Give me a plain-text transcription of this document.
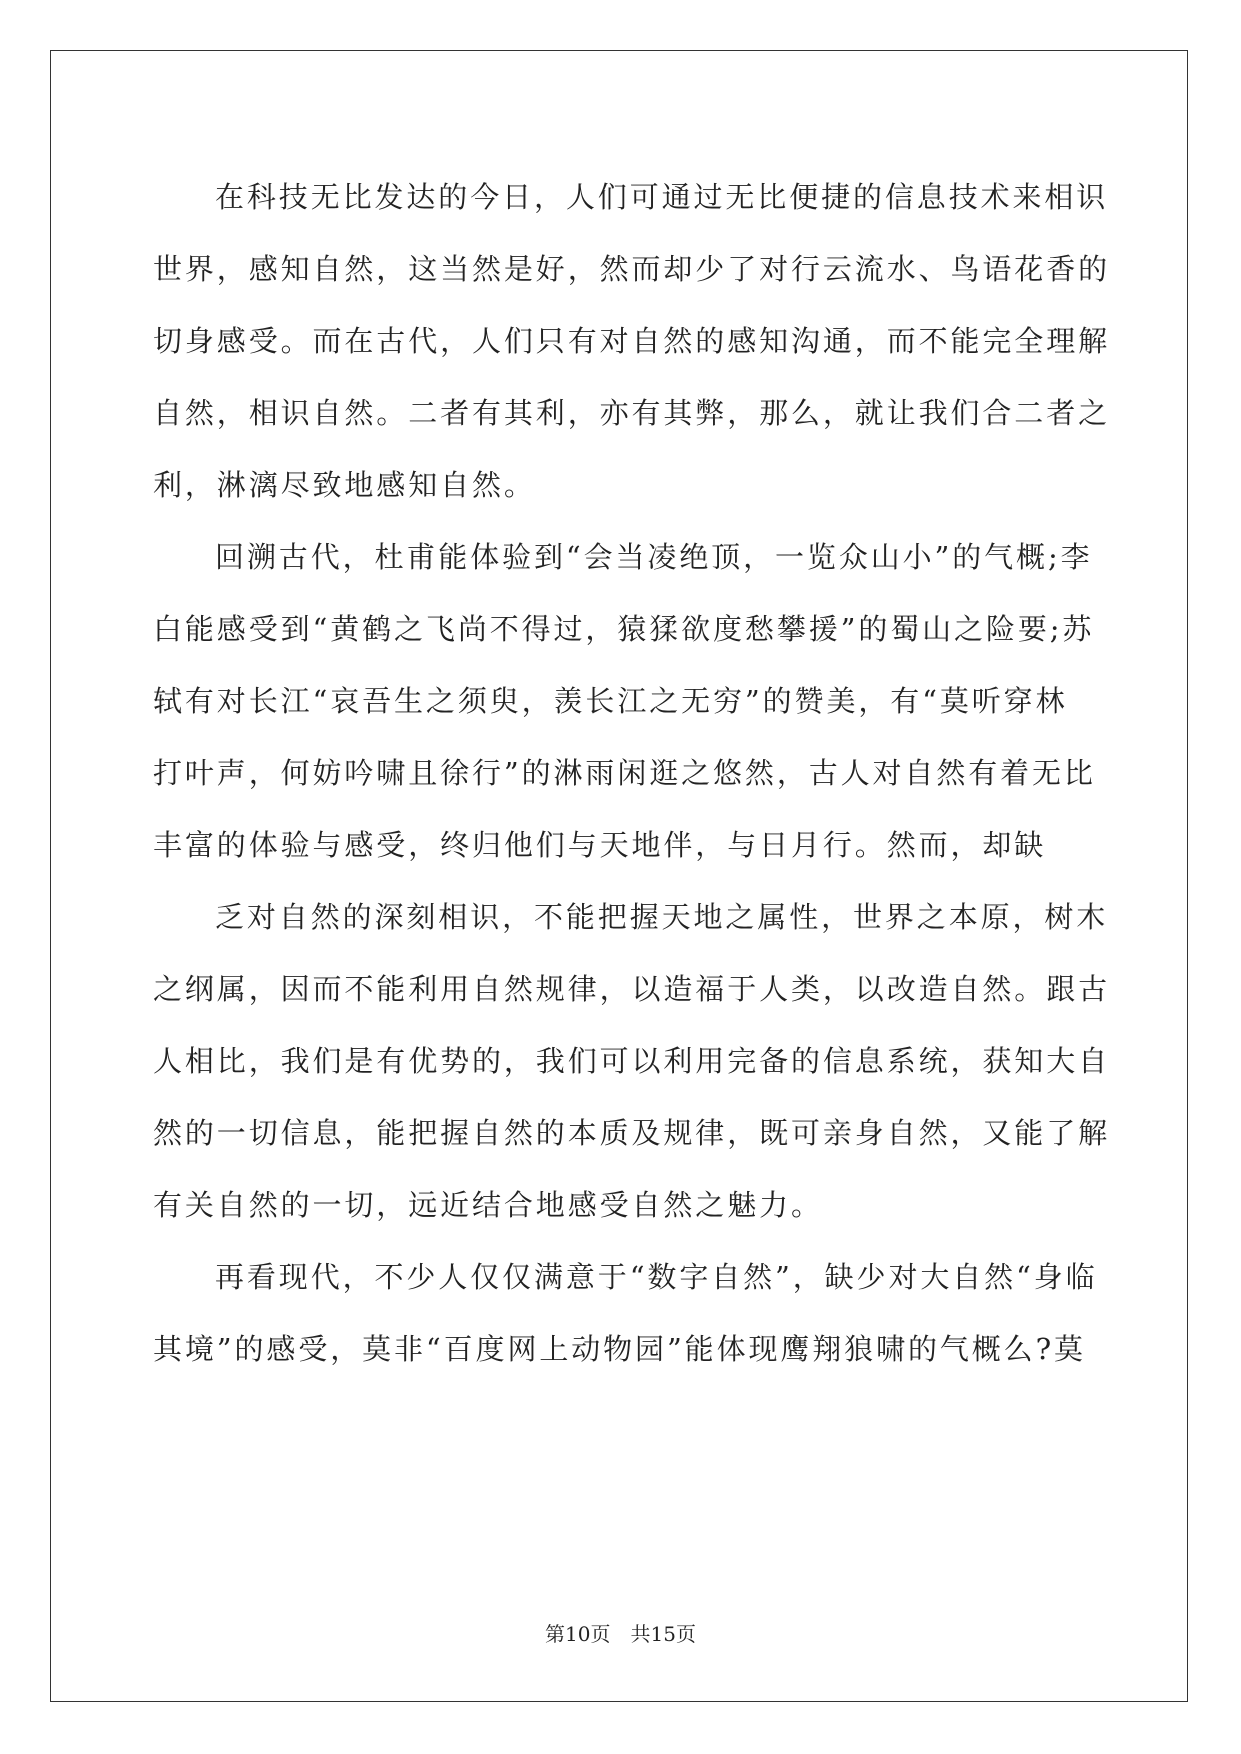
在科技无比发达的今日，人们可通过无比便捷的信息技术来相识
世界，感知自然，这当然是好，然而却少了对行云流水、鸟语花香的
切身感受。而在古代，人们只有对自然的感知沟通，而不能完全理解
自然，相识自然。二者有其利，亦有其弊，那么，就让我们合二者之
利，淋漓尽致地感知自然。
回溯古代，杜甫能体验到“会当凌绝顶，一览众山小”的气概;李
白能感受到“黄鹤之飞尚不得过，猿猱欲度愁攀援”的蜀山之险要;苏
轼有对长江“哀吾生之须臾，羡长江之无穷”的赞美，有“莫听穿林
打叶声，何妨吟啸且徐行”的淋雨闲逛之悠然，古人对自然有着无比
丰富的体验与感受，终归他们与天地伴，与日月行。然而，却缺
乏对自然的深刻相识，不能把握天地之属性，世界之本原，树木
之纲属，因而不能利用自然规律，以造福于人类，以改造自然。跟古
人相比，我们是有优势的，我们可以利用完备的信息系统，获知大自
然的一切信息，能把握自然的本质及规律，既可亲身自然，又能了解
有关自然的一切，远近结合地感受自然之魅力。
再看现代，不少人仅仅满意于“数字自然”，缺少对大自然“身临
其境”的感受，莫非“百度网上动物园”能体现鹰翔狼啸的气概么?莫
第10页 共15页
